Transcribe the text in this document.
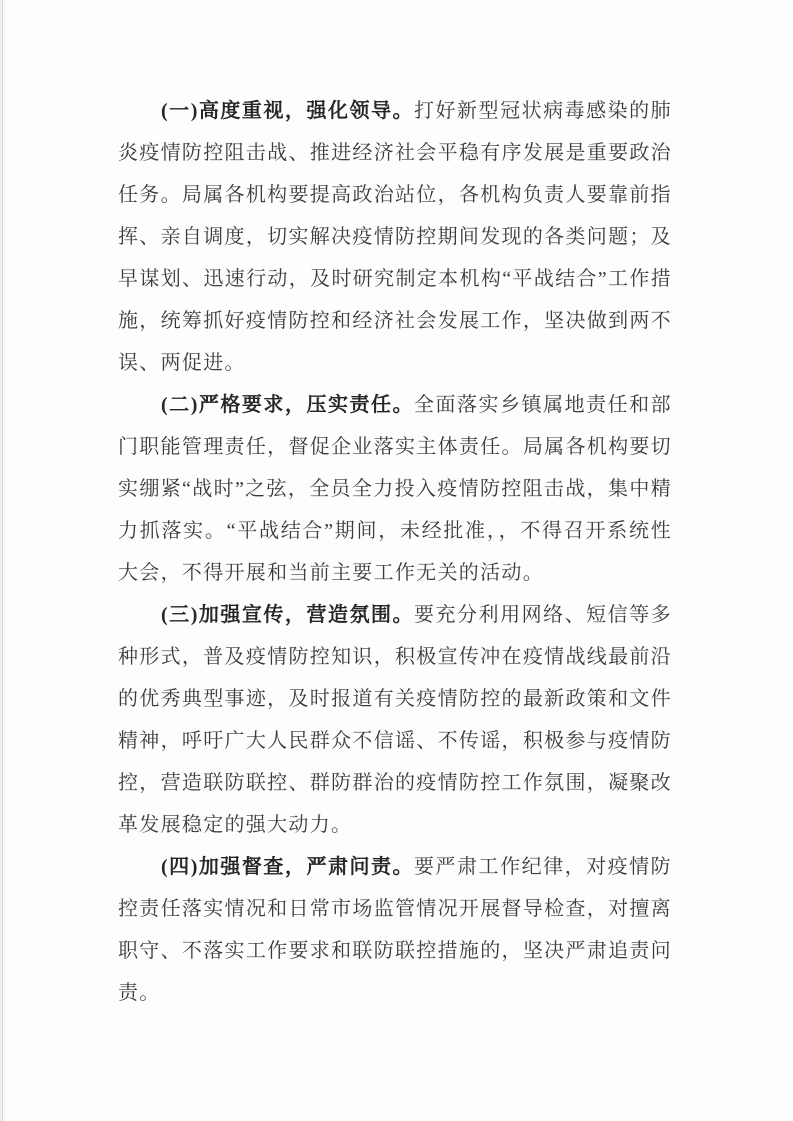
(一)高度重视，强化领导。打好新型冠状病毒感染的肺炎疫情防控阻击战、推进经济社会平稳有序发展是重要政治任务。局属各机构要提高政治站位，各机构负责人要靠前指挥、亲自调度，切实解决疫情防控期间发现的各类问题；及早谋划、迅速行动，及时研究制定本机构“平战结合”工作措施，统筹抓好疫情防控和经济社会发展工作，坚决做到两不误、两促进。

(二)严格要求，压实责任。全面落实乡镇属地责任和部门职能管理责任，督促企业落实主体责任。局属各机构要切实绷紧“战时”之弦，全员全力投入疫情防控阻击战，集中精力抓落实。“平战结合”期间，未经批准，，不得召开系统性大会，不得开展和当前主要工作无关的活动。

(三)加强宣传，营造氛围。要充分利用网络、短信等多种形式，普及疫情防控知识，积极宣传冲在疫情战线最前沿的优秀典型事迹，及时报道有关疫情防控的最新政策和文件精神，呼吁广大人民群众不信谣、不传谣，积极参与疫情防控，营造联防联控、群防群治的疫情防控工作氛围，凝聚改革发展稳定的强大动力。

(四)加强督查，严肃问责。要严肃工作纪律，对疫情防控责任落实情况和日常市场监管情况开展督导检查，对擅离职守、不落实工作要求和联防联控措施的，坚决严肃追责问责。
